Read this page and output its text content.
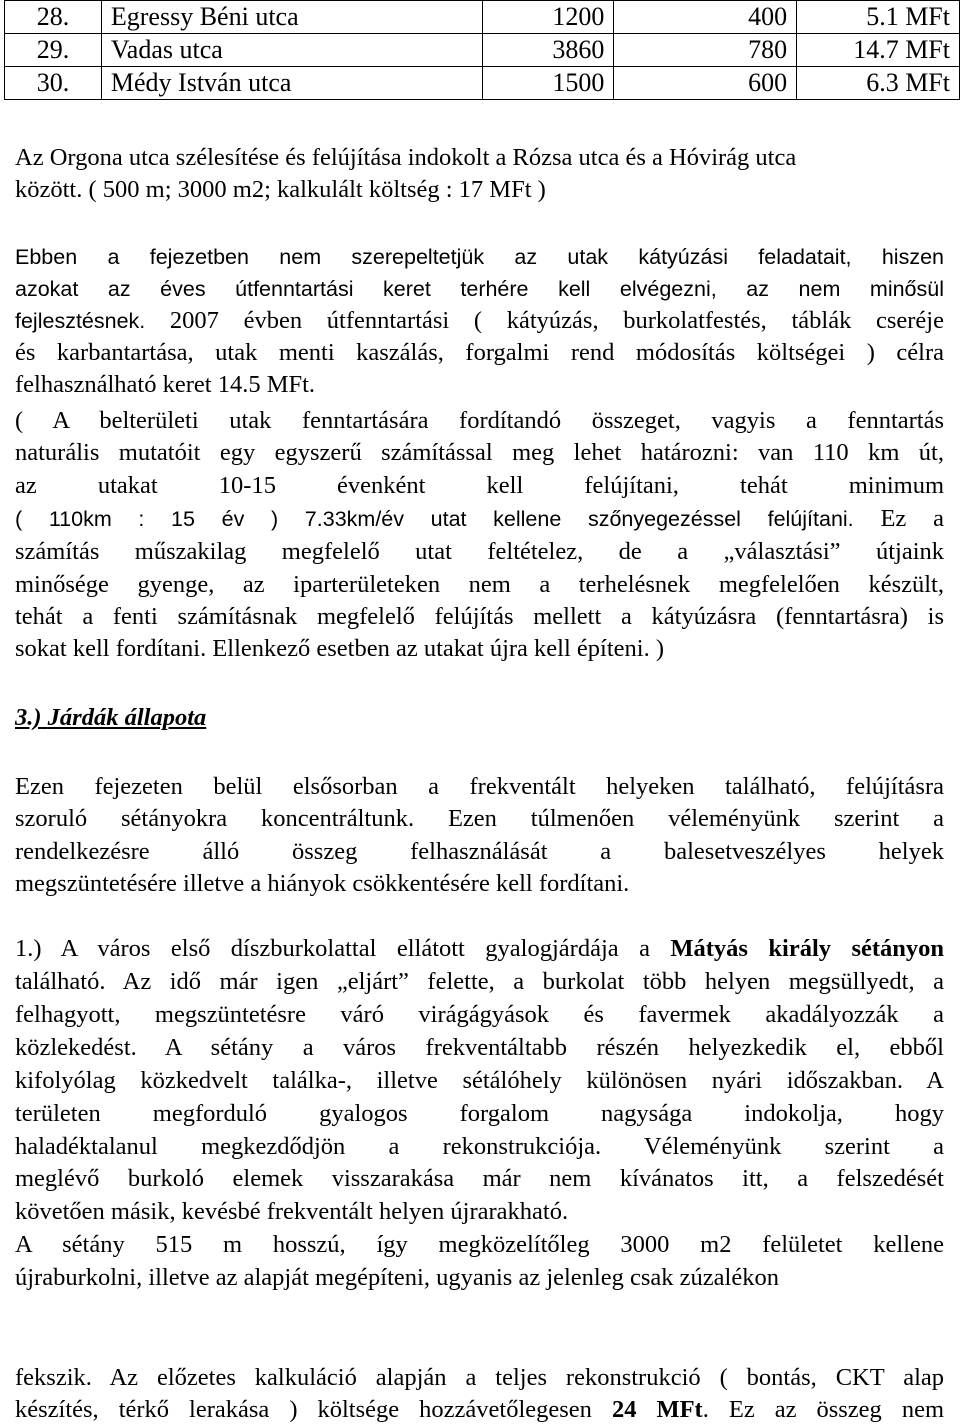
28.	Egressy Béni utca	1200	400	5.1 MFt
29.	Vadas utca	3860	780	14.7 MFt
30.	Médy István utca	1500	600	6.3 MFt
Az Orgona utca szélesítése és felújítása indokolt a Rózsa utca és a Hóvirág utca
között. ( 500 m; 3000 m2; kalkulált költség : 17 MFt )
Ebben a fejezetben nem szerepeltetjük az utak kátyúzási feladatait, hiszen
azokat az éves útfenntartási keret terhére kell elvégezni, az nem minősül
fejlesztésnek. 2007 évben útfenntartási ( kátyúzás, burkolatfestés, táblák cseréje
és karbantartása, utak menti kaszálás, forgalmi rend módosítás költségei ) célra
felhasználható keret 14.5 MFt.
( A belterületi utak fenntartására fordítandó összeget, vagyis a fenntartás
naturális mutatóit egy egyszerű számítással meg lehet határozni: van 110 km út,
az utakat 10-15 évenként kell felújítani, tehát minimum
( 110km : 15 év ) 7.33km/év utat kellene szőnyegezéssel felújítani. Ez a
számítás műszakilag megfelelő utat feltételez, de a „választási” útjaink
minősége gyenge, az iparterületeken nem a terhelésnek megfelelően készült,
tehát a fenti számításnak megfelelő felújítás mellett a kátyúzásra (fenntartásra) is
sokat kell fordítani. Ellenkező esetben az utakat újra kell építeni. )
3.) Járdák állapota
Ezen fejezeten belül elsősorban a frekventált helyeken található, felújításra
szoruló sétányokra koncentráltunk. Ezen túlmenően véleményünk szerint a
rendelkezésre álló összeg felhasználását a balesetveszélyes helyek
megszüntetésére illetve a hiányok csökkentésére kell fordítani.
1.) A város első díszburkolattal ellátott gyalogjárdája a Mátyás király sétányon
található. Az idő már igen „eljárt” felette, a burkolat több helyen megsüllyedt, a
felhagyott, megszüntetésre váró virágágyások és favermek akadályozzák a
közlekedést. A sétány a város frekventáltabb részén helyezkedik el, ebből
kifolyólag közkedvelt találka-, illetve sétálóhely különösen nyári időszakban. A
területen megforduló gyalogos forgalom nagysága indokolja, hogy
haladéktalanul megkezdődjön a rekonstrukciója. Véleményünk szerint a
meglévő burkoló elemek visszarakása már nem kívánatos itt, a felszedését
követően másik, kevésbé frekventált helyen újrarakható.
A sétány 515 m hosszú, így megközelítőleg 3000 m2 felületet kellene
újraburkolni, illetve az alapját megépíteni, ugyanis az jelenleg csak zúzalékon
fekszik. Az előzetes kalkuláció alapján a teljes rekonstrukció ( bontás, CKT alap
készítés, térkő lerakása ) költsége hozzávetőlegesen 24 MFt. Ez az összeg nem
